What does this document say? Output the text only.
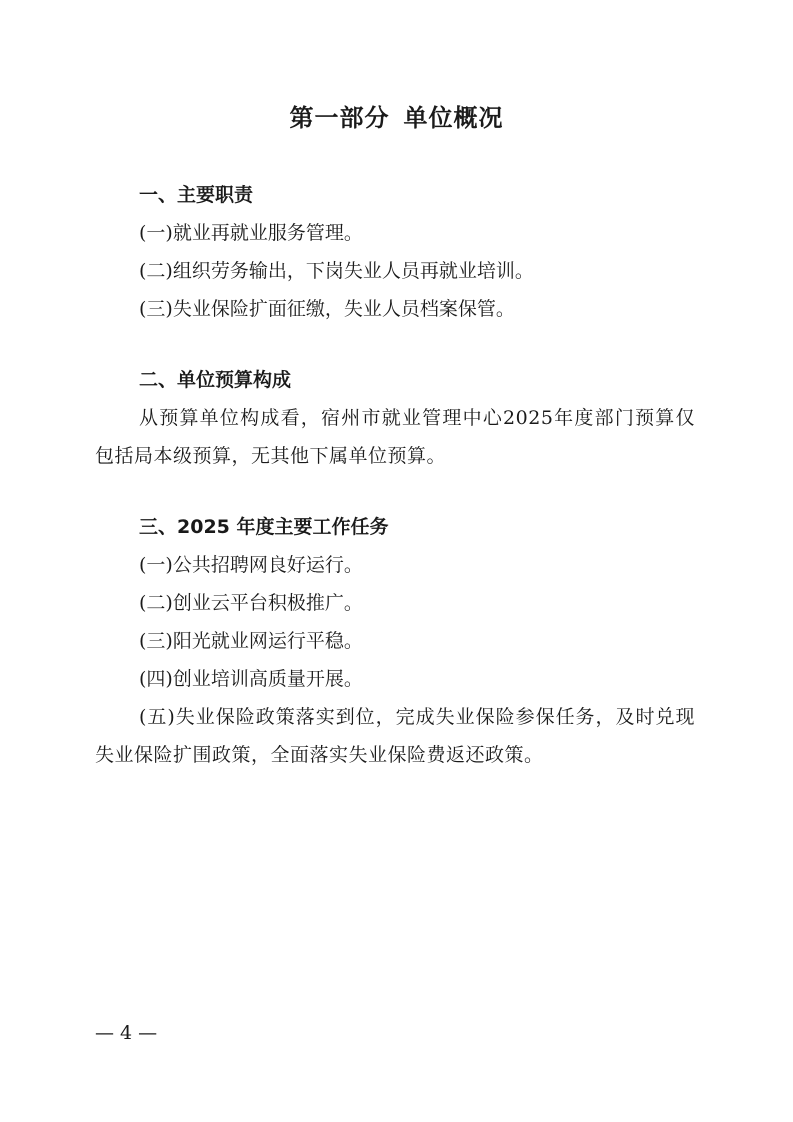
第一部分 单位概况
一、主要职责

(一)就业再就业服务管理。

(二)组织劳务输出，下岗失业人员再就业培训。

(三)失业保险扩面征缴，失业人员档案保管。

二、单位预算构成

从预算单位构成看，宿州市就业管理中心2025年度部门预算仅包括局本级预算，无其他下属单位预算。

三、2025 年度主要工作任务

(一)公共招聘网良好运行。

(二)创业云平台积极推广。

(三)阳光就业网运行平稳。

(四)创业培训高质量开展。

(五)失业保险政策落实到位，完成失业保险参保任务，及时兑现失业保险扩围政策，全面落实失业保险费返还政策。

— 4 —
